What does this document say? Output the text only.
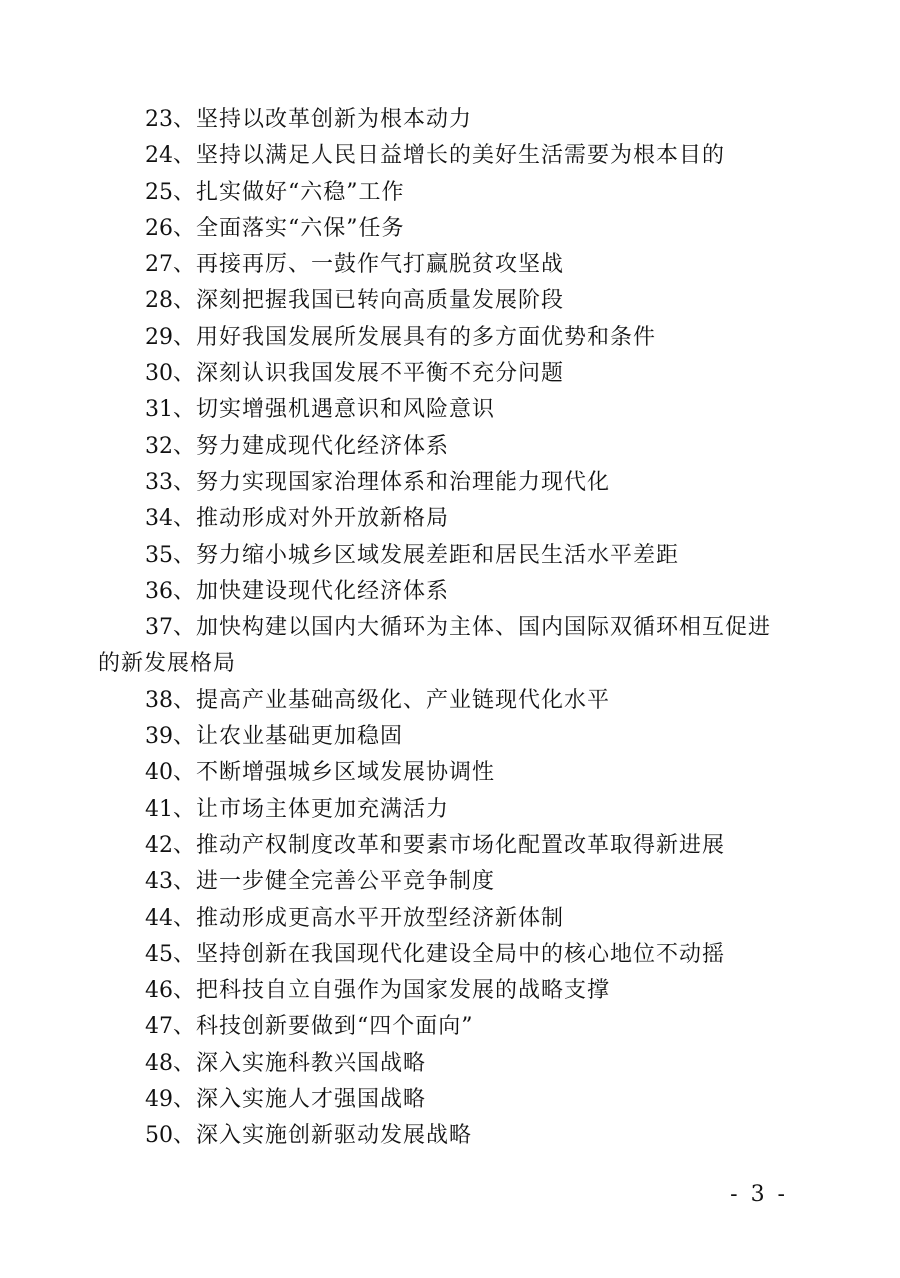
23、坚持以改革创新为根本动力
24、坚持以满足人民日益增长的美好生活需要为根本目的
25、扎实做好“六稳”工作
26、全面落实“六保”任务
27、再接再厉、一鼓作气打赢脱贫攻坚战
28、深刻把握我国已转向高质量发展阶段
29、用好我国发展所发展具有的多方面优势和条件
30、深刻认识我国发展不平衡不充分问题
31、切实增强机遇意识和风险意识
32、努力建成现代化经济体系
33、努力实现国家治理体系和治理能力现代化
34、推动形成对外开放新格局
35、努力缩小城乡区域发展差距和居民生活水平差距
36、加快建设现代化经济体系
37、加快构建以国内大循环为主体、国内国际双循环相互促进的新发展格局
38、提高产业基础高级化、产业链现代化水平
39、让农业基础更加稳固
40、不断增强城乡区域发展协调性
41、让市场主体更加充满活力
42、推动产权制度改革和要素市场化配置改革取得新进展
43、进一步健全完善公平竞争制度
44、推动形成更高水平开放型经济新体制
45、坚持创新在我国现代化建设全局中的核心地位不动摇
46、把科技自立自强作为国家发展的战略支撑
47、科技创新要做到“四个面向”
48、深入实施科教兴国战略
49、深入实施人才强国战略
50、深入实施创新驱动发展战略
- 3 -
